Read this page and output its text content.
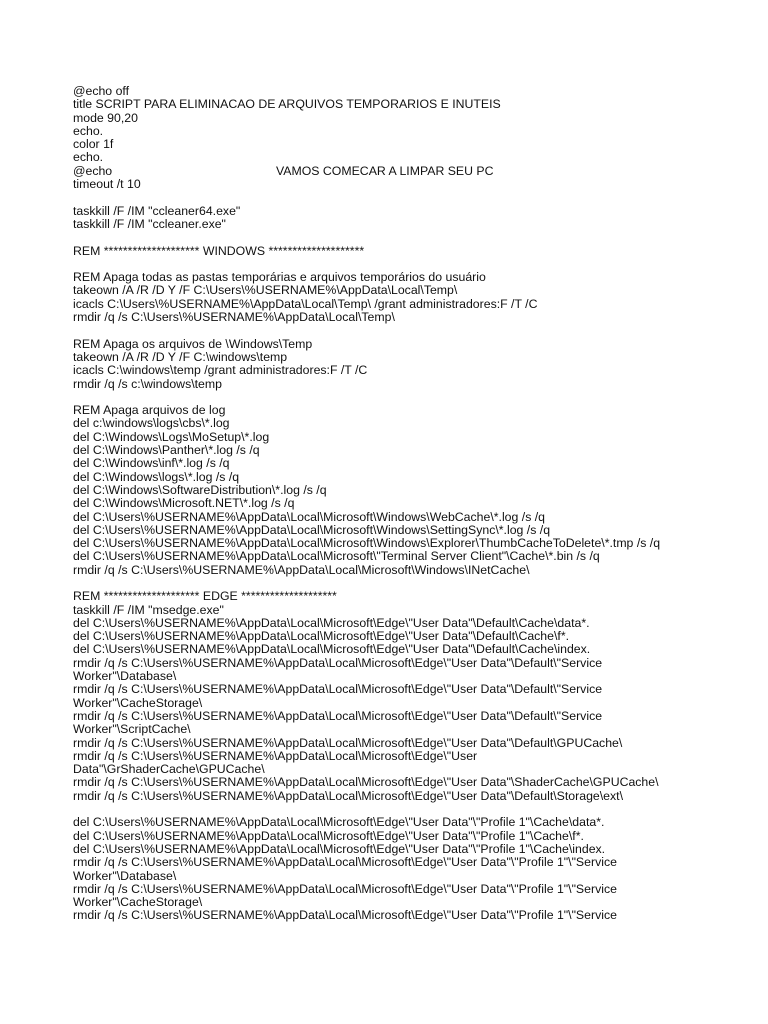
@echo off
title SCRIPT PARA ELIMINACAO DE ARQUIVOS TEMPORARIOS E INUTEIS
mode 90,20
echo.
color 1f
echo.
@echo	VAMOS COMECAR A LIMPAR SEU PC
timeout /t 10
taskkill /F /IM "ccleaner64.exe"
taskkill /F /IM "ccleaner.exe"
REM ******************** WINDOWS ********************
REM Apaga todas as pastas temporárias e arquivos temporários do usuário
takeown /A /R /D Y /F C:\Users\%USERNAME%\AppData\Local\Temp\
icacls C:\Users\%USERNAME%\AppData\Local\Temp\ /grant administradores:F /T /C
rmdir /q /s C:\Users\%USERNAME%\AppData\Local\Temp\
REM Apaga os arquivos de \Windows\Temp
takeown /A /R /D Y /F C:\windows\temp
icacls C:\windows\temp /grant administradores:F /T /C
rmdir /q /s c:\windows\temp
REM Apaga arquivos de log
del c:\windows\logs\cbs\*.log
del C:\Windows\Logs\MoSetup\*.log
del C:\Windows\Panther\*.log /s /q
del C:\Windows\inf\*.log /s /q
del C:\Windows\logs\*.log /s /q
del C:\Windows\SoftwareDistribution\*.log /s /q
del C:\Windows\Microsoft.NET\*.log /s /q
del C:\Users\%USERNAME%\AppData\Local\Microsoft\Windows\WebCache\*.log /s /q
del C:\Users\%USERNAME%\AppData\Local\Microsoft\Windows\SettingSync\*.log /s /q
del C:\Users\%USERNAME%\AppData\Local\Microsoft\Windows\Explorer\ThumbCacheToDelete\*.tmp /s /q
del C:\Users\%USERNAME%\AppData\Local\Microsoft\"Terminal Server Client"\Cache\*.bin /s /q
rmdir /q /s C:\Users\%USERNAME%\AppData\Local\Microsoft\Windows\INetCache\
REM ******************** EDGE ********************
taskkill /F /IM "msedge.exe"
del C:\Users\%USERNAME%\AppData\Local\Microsoft\Edge\"User Data"\Default\Cache\data*.
del C:\Users\%USERNAME%\AppData\Local\Microsoft\Edge\"User Data"\Default\Cache\f*.
del C:\Users\%USERNAME%\AppData\Local\Microsoft\Edge\"User Data"\Default\Cache\index.
rmdir /q /s C:\Users\%USERNAME%\AppData\Local\Microsoft\Edge\"User Data"\Default\"Service
Worker"\Database\
rmdir /q /s C:\Users\%USERNAME%\AppData\Local\Microsoft\Edge\"User Data"\Default\"Service
Worker"\CacheStorage\
rmdir /q /s C:\Users\%USERNAME%\AppData\Local\Microsoft\Edge\"User Data"\Default\"Service
Worker"\ScriptCache\
rmdir /q /s C:\Users\%USERNAME%\AppData\Local\Microsoft\Edge\"User Data"\Default\GPUCache\
rmdir /q /s C:\Users\%USERNAME%\AppData\Local\Microsoft\Edge\"User
Data"\GrShaderCache\GPUCache\
rmdir /q /s C:\Users\%USERNAME%\AppData\Local\Microsoft\Edge\"User Data"\ShaderCache\GPUCache\
rmdir /q /s C:\Users\%USERNAME%\AppData\Local\Microsoft\Edge\"User Data"\Default\Storage\ext\
del C:\Users\%USERNAME%\AppData\Local\Microsoft\Edge\"User Data"\"Profile 1"\Cache\data*.
del C:\Users\%USERNAME%\AppData\Local\Microsoft\Edge\"User Data"\"Profile 1"\Cache\f*.
del C:\Users\%USERNAME%\AppData\Local\Microsoft\Edge\"User Data"\"Profile 1"\Cache\index.
rmdir /q /s C:\Users\%USERNAME%\AppData\Local\Microsoft\Edge\"User Data"\"Profile 1"\"Service
Worker"\Database\
rmdir /q /s C:\Users\%USERNAME%\AppData\Local\Microsoft\Edge\"User Data"\"Profile 1"\"Service
Worker"\CacheStorage\
rmdir /q /s C:\Users\%USERNAME%\AppData\Local\Microsoft\Edge\"User Data"\"Profile 1"\"Service
